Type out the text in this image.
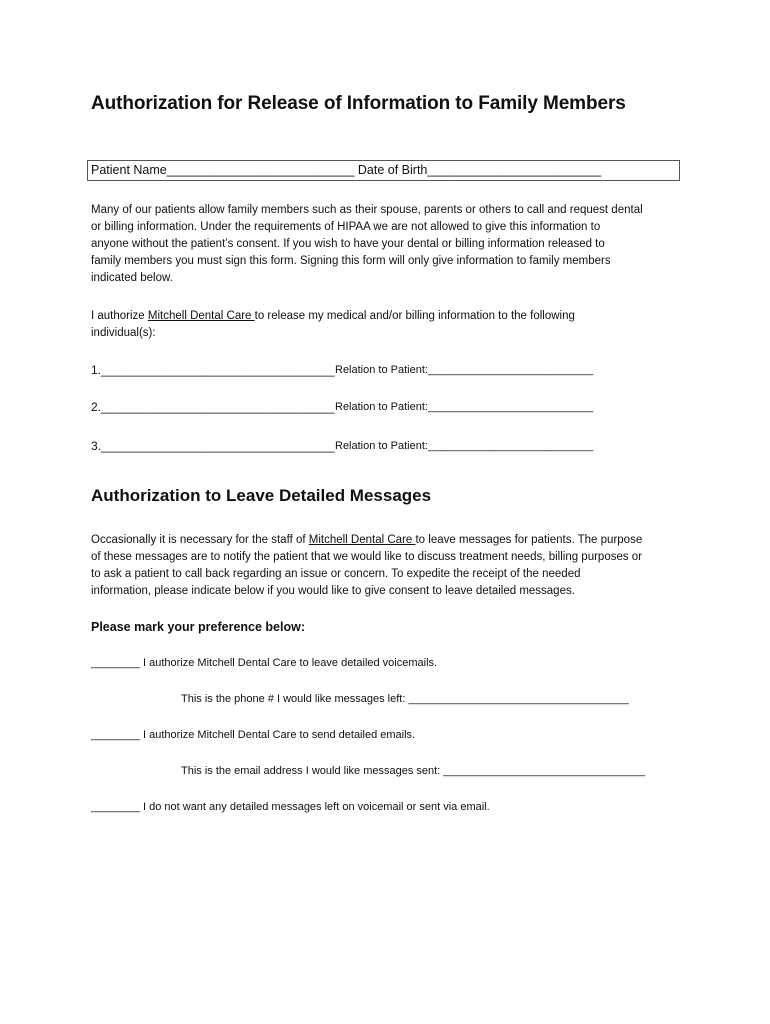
Authorization for Release of Information to Family Members
Patient Name___________________________ Date of Birth_________________________
Many of our patients allow family members such as their spouse, parents or others to call and request dental
or billing information. Under the requirements of HIPAA we are not allowed to give this information to
anyone without the patient’s consent. If you wish to have your dental or billing information released to
family members you must sign this form. Signing this form will only give information to family members
indicated below.
I authorize Mitchell Dental Care to release my medical and/or billing information to the following
individual(s):
1.___________________________________ Relation to Patient:___________________________
2.___________________________________ Relation to Patient:___________________________
3.___________________________________ Relation to Patient:___________________________
Authorization to Leave Detailed Messages
Occasionally it is necessary for the staff of Mitchell Dental Care to leave messages for patients. The purpose
of these messages are to notify the patient that we would like to discuss treatment needs, billing purposes or
to ask a patient to call back regarding an issue or concern. To expedite the receipt of the needed
information, please indicate below if you would like to give consent to leave detailed messages.
Please mark your preference below:
________ I authorize Mitchell Dental Care to leave detailed voicemails.
This is the phone # I would like messages left: ____________________________________
________ I authorize Mitchell Dental Care to send detailed emails.
This is the email address I would like messages sent: _________________________________
________ I do not want any detailed messages left on voicemail or sent via email.
